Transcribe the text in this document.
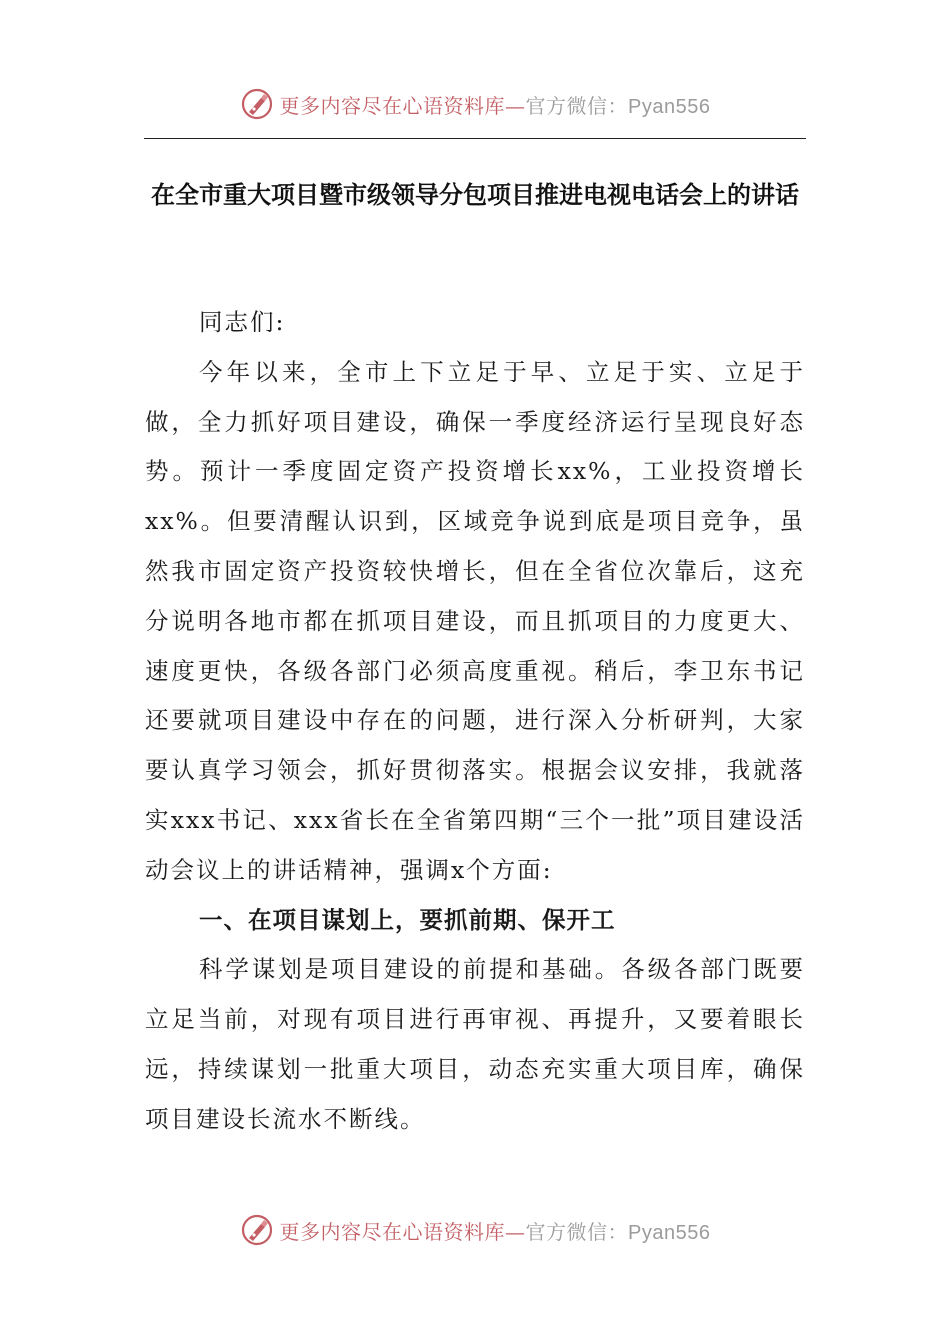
更多内容尽在心语资料库—官方微信：Pyan556
在全市重大项目暨市级领导分包项目推进电视电话会上的讲话

同志们:

今年以来，全市上下立足于早、立足于实、立足于做，全力抓好项目建设，确保一季度经济运行呈现良好态势。预计一季度固定资产投资增长xx%，工业投资增长xx%。但要清醒认识到，区域竞争说到底是项目竞争，虽然我市固定资产投资较快增长，但在全省位次靠后，这充分说明各地市都在抓项目建设，而且抓项目的力度更大、速度更快，各级各部门必须高度重视。稍后，李卫东书记还要就项目建设中存在的问题，进行深入分析研判，大家要认真学习领会，抓好贯彻落实。根据会议安排，我就落实xxx书记、xxx省长在全省第四期“三个一批”项目建设活动会议上的讲话精神，强调x个方面:

一、在项目谋划上，要抓前期、保开工

科学谋划是项目建设的前提和基础。各级各部门既要立足当前，对现有项目进行再审视、再提升，又要着眼长远，持续谋划一批重大项目，动态充实重大项目库，确保项目建设长流水不断线。

更多内容尽在心语资料库—官方微信：Pyan556
